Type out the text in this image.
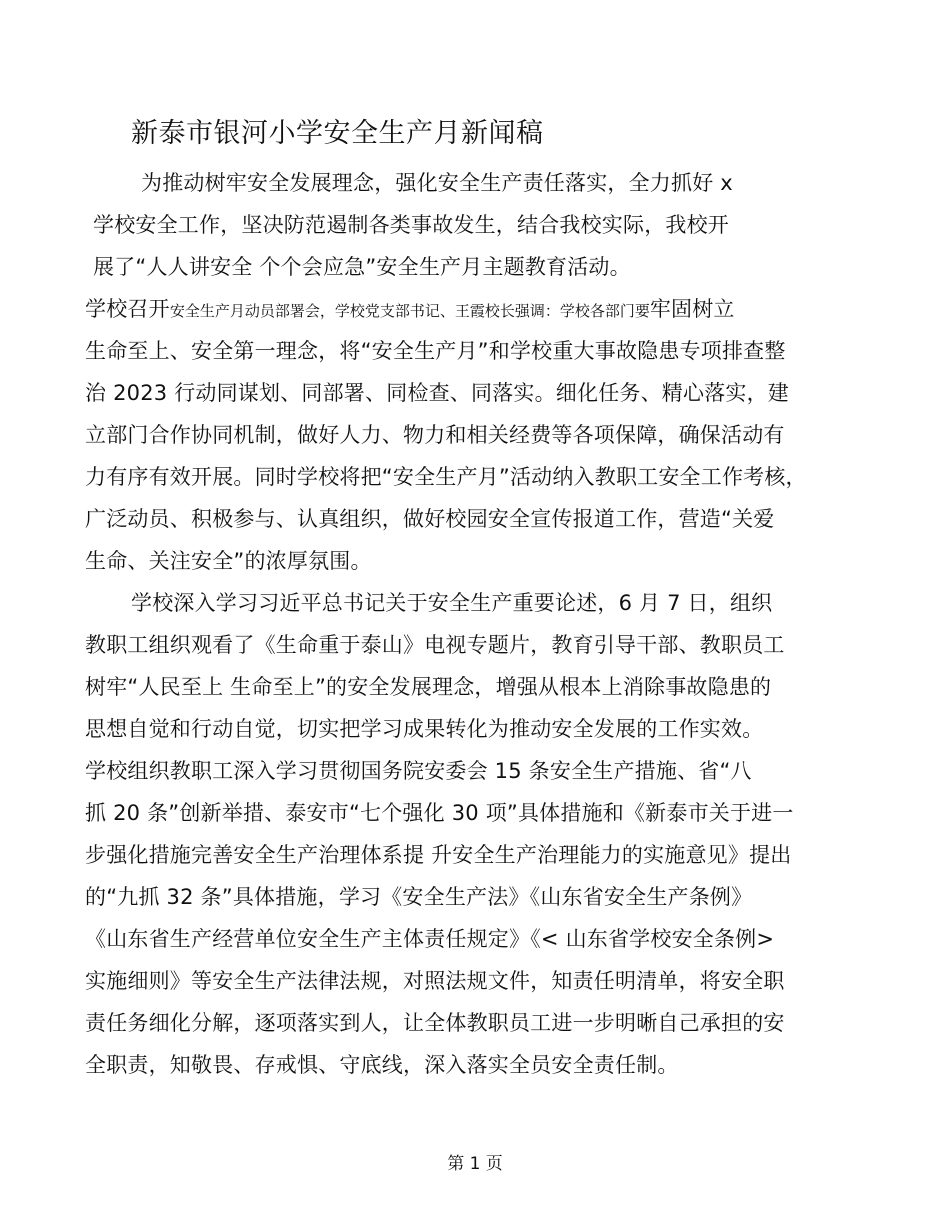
新泰市银河小学安全生产月新闻稿
为推动树牢安全发展理念，强化安全生产责任落实，全力抓好 x
学校安全工作，坚决防范遏制各类事故发生，结合我校实际，我校开
展了“人人讲安全 个个会应急”安全生产月主题教育活动。
学校召开安全生产月动员部署会，学校党支部书记、王霞校长强调：学校各部门要牢固树立
生命至上、安全第一理念，将“安全生产月”和学校重大事故隐患专项排查整
治 2023 行动同谋划、同部署、同检查、同落实。细化任务、精心落实，建
立部门合作协同机制，做好人力、物力和相关经费等各项保障，确保活动有
力有序有效开展。同时学校将把“安全生产月”活动纳入教职工安全工作考核，
广泛动员、积极参与、认真组织，做好校园安全宣传报道工作，营造“关爱
生命、关注安全”的浓厚氛围。
学校深入学习习近平总书记关于安全生产重要论述，6 月 7 日，组织
教职工组织观看了《生命重于泰山》电视专题片，教育引导干部、教职员工
树牢“人民至上 生命至上”的安全发展理念，增强从根本上消除事故隐患的
思想自觉和行动自觉，切实把学习成果转化为推动安全发展的工作实效。
学校组织教职工深入学习贯彻国务院安委会 15 条安全生产措施、省“八
抓 20 条”创新举措、泰安市“七个强化 30 项”具体措施和《新泰市关于进一
步强化措施完善安全生产治理体系提 升安全生产治理能力的实施意见》提出
的“九抓 32 条”具体措施，学习《安全生产法》《山东省安全生产条例》
《山东省生产经营单位安全生产主体责任规定》《< 山东省学校安全条例>
实施细则》等安全生产法律法规，对照法规文件，知责任明清单，将安全职
责任务细化分解，逐项落实到人，让全体教职员工进一步明晰自己承担的安
全职责，知敬畏、存戒惧、守底线，深入落实全员安全责任制。
第 1 页
